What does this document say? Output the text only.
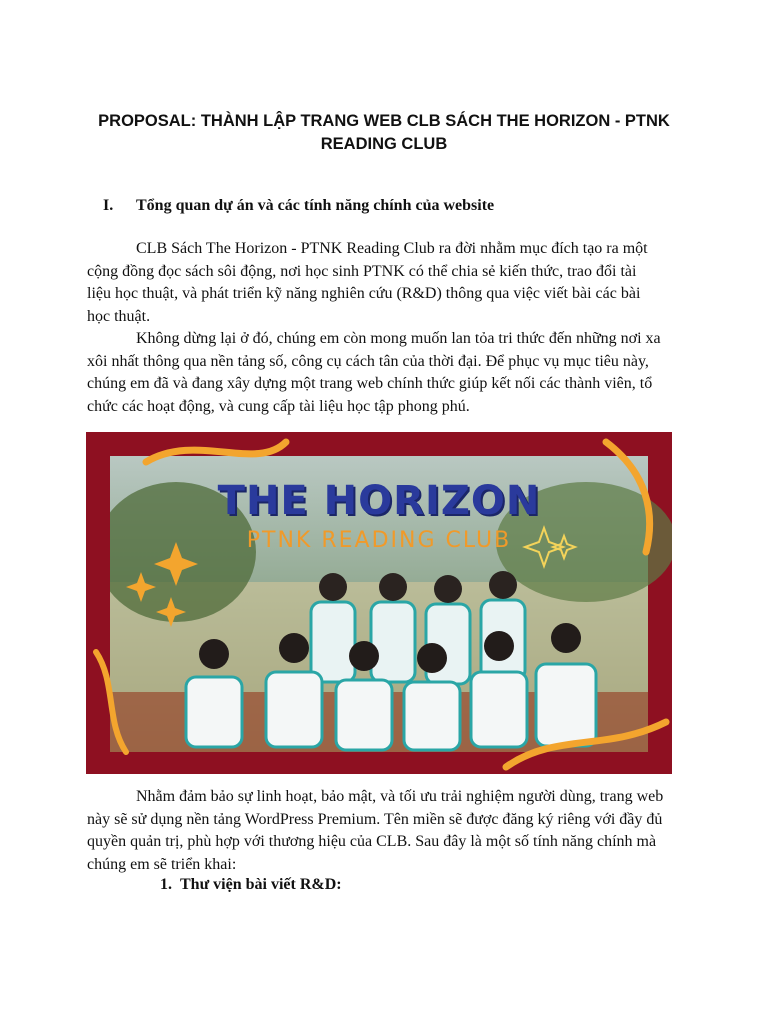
PROPOSAL: THÀNH LẬP TRANG WEB CLB SÁCH THE HORIZON - PTNK
READING CLUB
I. Tổng quan dự án và các tính năng chính của website

CLB Sách The Horizon - PTNK Reading Club ra đời nhằm mục đích tạo ra một
cộng đồng đọc sách sôi động, nơi học sinh PTNK có thể chia sẻ kiến thức, trao đổi tài
liệu học thuật, và phát triển kỹ năng nghiên cứu (R&D) thông qua việc viết bài các bài
học thuật.

Không dừng lại ở đó, chúng em còn mong muốn lan tỏa tri thức đến những nơi xa
xôi nhất thông qua nền tảng số, công cụ cách tân của thời đại. Để phục vụ mục tiêu này,
chúng em đã và đang xây dựng một trang web chính thức giúp kết nối các thành viên, tổ
chức các hoạt động, và cung cấp tài liệu học tập phong phú.

THE HORIZON
PTNK READING CLUB

Nhằm đảm bảo sự linh hoạt, bảo mật, và tối ưu trải nghiệm người dùng, trang web
này sẽ sử dụng nền tảng WordPress Premium. Tên miền sẽ được đăng ký riêng với đầy đủ
quyền quản trị, phù hợp với thương hiệu của CLB. Sau đây là một số tính năng chính mà
chúng em sẽ triển khai:

1. Thư viện bài viết R&D:
